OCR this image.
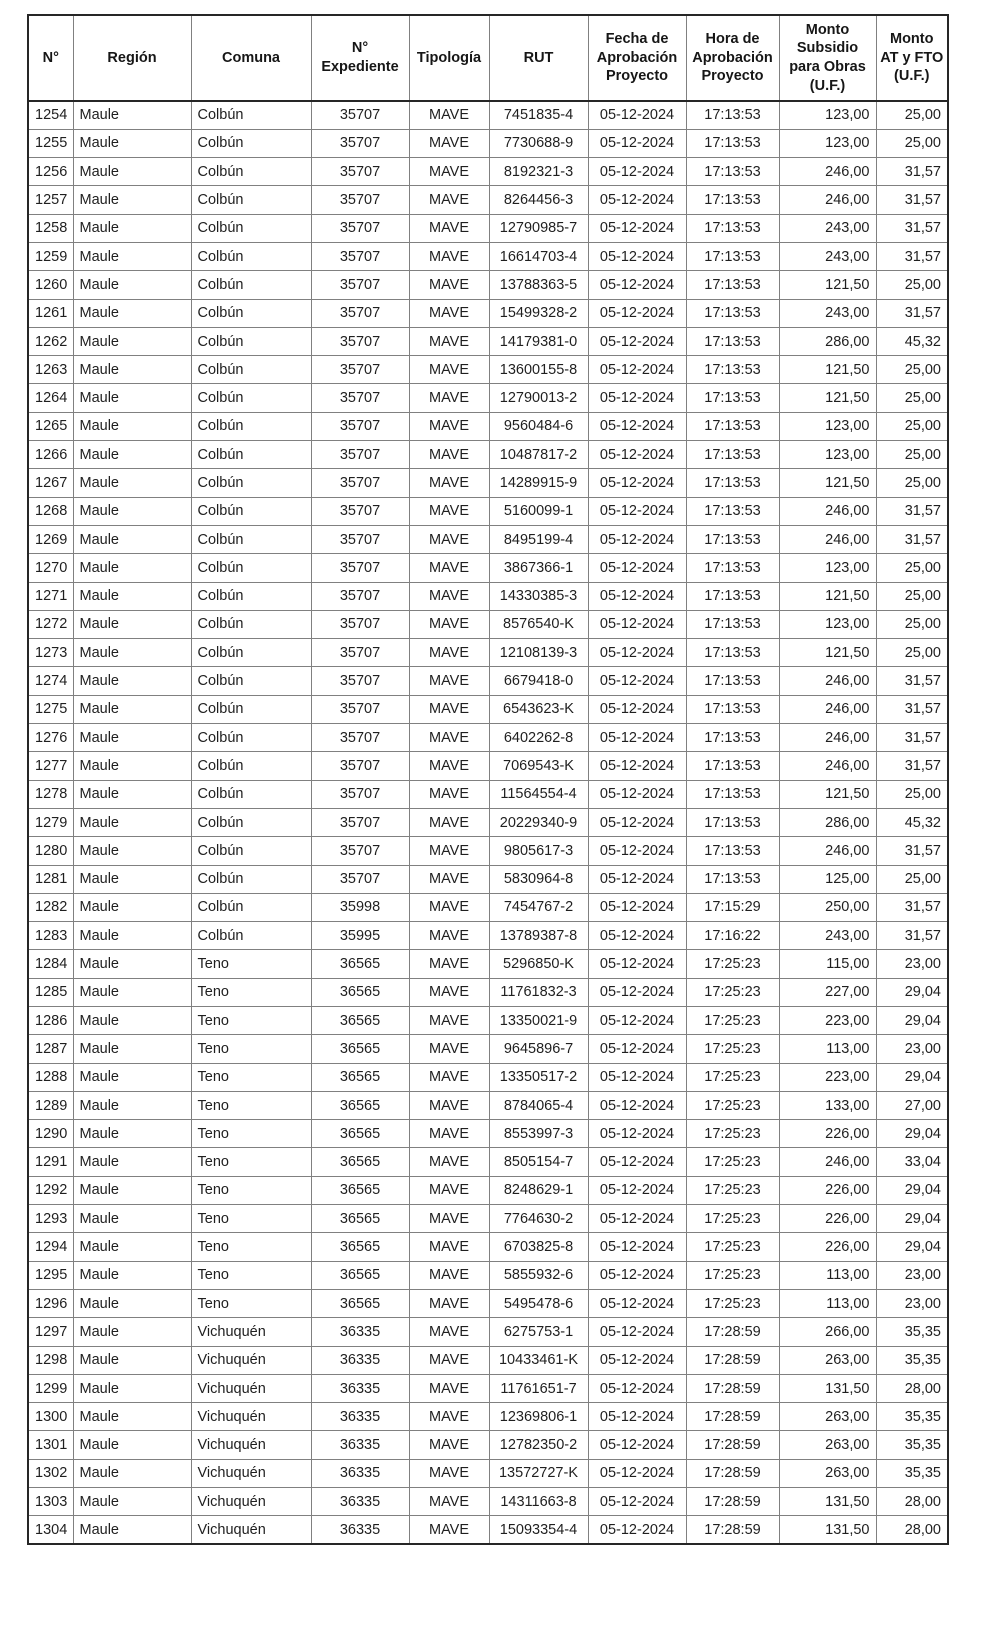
N°	Región	Comuna	N° Expediente	Tipología	RUT	Fecha de Aprobación Proyecto	Hora de Aprobación Proyecto	Monto Subsidio para Obras (U.F.)	Monto AT y FTO (U.F.)
1254	Maule	Colbún	35707	MAVE	7451835-4	05-12-2024	17:13:53	123,00	25,00
1255	Maule	Colbún	35707	MAVE	7730688-9	05-12-2024	17:13:53	123,00	25,00
1256	Maule	Colbún	35707	MAVE	8192321-3	05-12-2024	17:13:53	246,00	31,57
1257	Maule	Colbún	35707	MAVE	8264456-3	05-12-2024	17:13:53	246,00	31,57
1258	Maule	Colbún	35707	MAVE	12790985-7	05-12-2024	17:13:53	243,00	31,57
1259	Maule	Colbún	35707	MAVE	16614703-4	05-12-2024	17:13:53	243,00	31,57
1260	Maule	Colbún	35707	MAVE	13788363-5	05-12-2024	17:13:53	121,50	25,00
1261	Maule	Colbún	35707	MAVE	15499328-2	05-12-2024	17:13:53	243,00	31,57
1262	Maule	Colbún	35707	MAVE	14179381-0	05-12-2024	17:13:53	286,00	45,32
1263	Maule	Colbún	35707	MAVE	13600155-8	05-12-2024	17:13:53	121,50	25,00
1264	Maule	Colbún	35707	MAVE	12790013-2	05-12-2024	17:13:53	121,50	25,00
1265	Maule	Colbún	35707	MAVE	9560484-6	05-12-2024	17:13:53	123,00	25,00
1266	Maule	Colbún	35707	MAVE	10487817-2	05-12-2024	17:13:53	123,00	25,00
1267	Maule	Colbún	35707	MAVE	14289915-9	05-12-2024	17:13:53	121,50	25,00
1268	Maule	Colbún	35707	MAVE	5160099-1	05-12-2024	17:13:53	246,00	31,57
1269	Maule	Colbún	35707	MAVE	8495199-4	05-12-2024	17:13:53	246,00	31,57
1270	Maule	Colbún	35707	MAVE	3867366-1	05-12-2024	17:13:53	123,00	25,00
1271	Maule	Colbún	35707	MAVE	14330385-3	05-12-2024	17:13:53	121,50	25,00
1272	Maule	Colbún	35707	MAVE	8576540-K	05-12-2024	17:13:53	123,00	25,00
1273	Maule	Colbún	35707	MAVE	12108139-3	05-12-2024	17:13:53	121,50	25,00
1274	Maule	Colbún	35707	MAVE	6679418-0	05-12-2024	17:13:53	246,00	31,57
1275	Maule	Colbún	35707	MAVE	6543623-K	05-12-2024	17:13:53	246,00	31,57
1276	Maule	Colbún	35707	MAVE	6402262-8	05-12-2024	17:13:53	246,00	31,57
1277	Maule	Colbún	35707	MAVE	7069543-K	05-12-2024	17:13:53	246,00	31,57
1278	Maule	Colbún	35707	MAVE	11564554-4	05-12-2024	17:13:53	121,50	25,00
1279	Maule	Colbún	35707	MAVE	20229340-9	05-12-2024	17:13:53	286,00	45,32
1280	Maule	Colbún	35707	MAVE	9805617-3	05-12-2024	17:13:53	246,00	31,57
1281	Maule	Colbún	35707	MAVE	5830964-8	05-12-2024	17:13:53	125,00	25,00
1282	Maule	Colbún	35998	MAVE	7454767-2	05-12-2024	17:15:29	250,00	31,57
1283	Maule	Colbún	35995	MAVE	13789387-8	05-12-2024	17:16:22	243,00	31,57
1284	Maule	Teno	36565	MAVE	5296850-K	05-12-2024	17:25:23	115,00	23,00
1285	Maule	Teno	36565	MAVE	11761832-3	05-12-2024	17:25:23	227,00	29,04
1286	Maule	Teno	36565	MAVE	13350021-9	05-12-2024	17:25:23	223,00	29,04
1287	Maule	Teno	36565	MAVE	9645896-7	05-12-2024	17:25:23	113,00	23,00
1288	Maule	Teno	36565	MAVE	13350517-2	05-12-2024	17:25:23	223,00	29,04
1289	Maule	Teno	36565	MAVE	8784065-4	05-12-2024	17:25:23	133,00	27,00
1290	Maule	Teno	36565	MAVE	8553997-3	05-12-2024	17:25:23	226,00	29,04
1291	Maule	Teno	36565	MAVE	8505154-7	05-12-2024	17:25:23	246,00	33,04
1292	Maule	Teno	36565	MAVE	8248629-1	05-12-2024	17:25:23	226,00	29,04
1293	Maule	Teno	36565	MAVE	7764630-2	05-12-2024	17:25:23	226,00	29,04
1294	Maule	Teno	36565	MAVE	6703825-8	05-12-2024	17:25:23	226,00	29,04
1295	Maule	Teno	36565	MAVE	5855932-6	05-12-2024	17:25:23	113,00	23,00
1296	Maule	Teno	36565	MAVE	5495478-6	05-12-2024	17:25:23	113,00	23,00
1297	Maule	Vichuquén	36335	MAVE	6275753-1	05-12-2024	17:28:59	266,00	35,35
1298	Maule	Vichuquén	36335	MAVE	10433461-K	05-12-2024	17:28:59	263,00	35,35
1299	Maule	Vichuquén	36335	MAVE	11761651-7	05-12-2024	17:28:59	131,50	28,00
1300	Maule	Vichuquén	36335	MAVE	12369806-1	05-12-2024	17:28:59	263,00	35,35
1301	Maule	Vichuquén	36335	MAVE	12782350-2	05-12-2024	17:28:59	263,00	35,35
1302	Maule	Vichuquén	36335	MAVE	13572727-K	05-12-2024	17:28:59	263,00	35,35
1303	Maule	Vichuquén	36335	MAVE	14311663-8	05-12-2024	17:28:59	131,50	28,00
1304	Maule	Vichuquén	36335	MAVE	15093354-4	05-12-2024	17:28:59	131,50	28,00
